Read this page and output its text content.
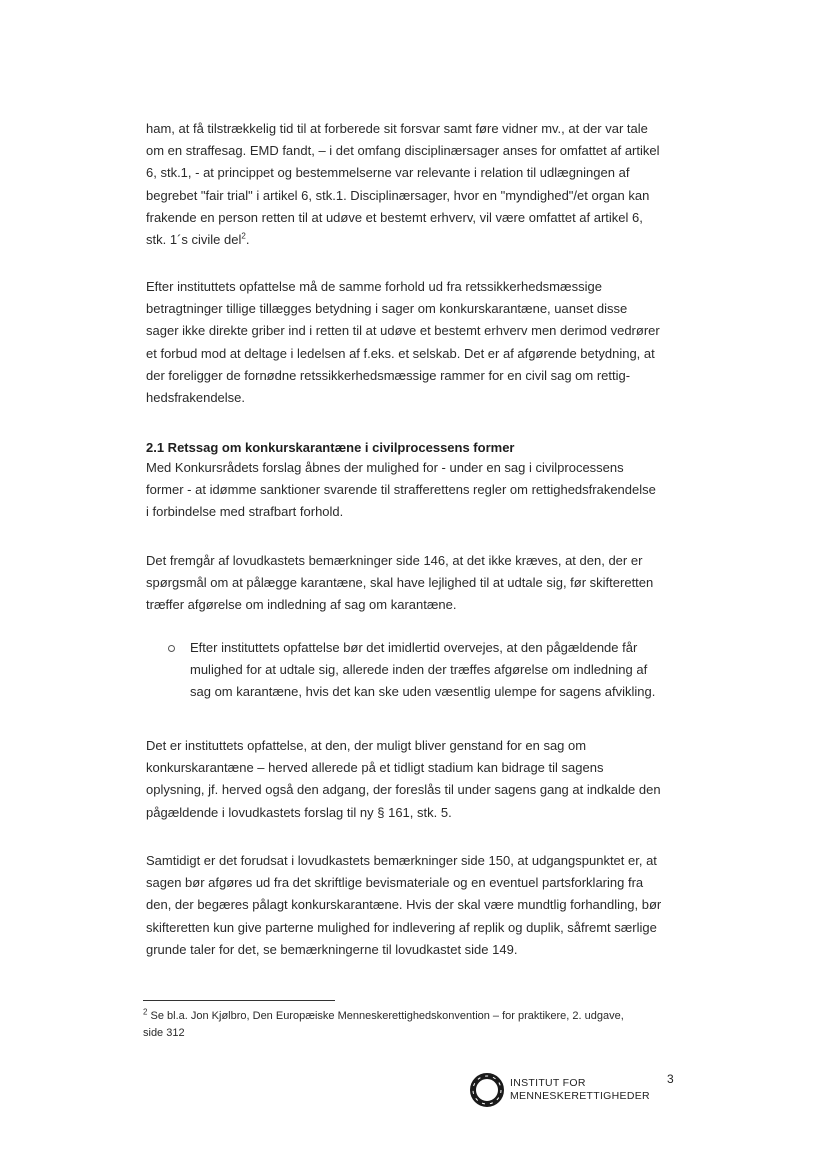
ham, at få tilstrækkelig tid til at forberede sit forsvar samt føre vidner mv., at der var tale
om en straffesag. EMD fandt, – i det omfang disciplinærsager anses for omfattet af artikel
6, stk.1, - at princippet og bestemmelserne var relevante i relation til udlægningen af
begrebet "fair trial" i artikel 6, stk.1. Disciplinærsager, hvor en "myndighed"/et organ kan
frakende en person retten til at udøve et bestemt erhverv, vil være omfattet af artikel 6,
stk. 1´s civile del$^2$.
Efter instituttets opfattelse må de samme forhold ud fra retssikkerhedsmæssige
betragtninger tillige tillægges betydning i sager om konkurskarantæne, uanset disse
sager ikke direkte griber ind i retten til at udøve et bestemt erhverv men derimod vedrører
et forbud mod at deltage i ledelsen af f.eks. et selskab. Det er af afgørende betydning, at
der foreligger de fornødne retssikkerhedsmæssige rammer for en civil sag om rettig-
hedsfrakendelse.
2.1 Retssag om konkurskarantæne i civilprocessens former
Med Konkursrådets forslag åbnes der mulighed for - under en sag i civilprocessens
former - at idømme sanktioner svarende til strafferettens regler om rettighedsfrakendelse
i forbindelse med strafbart forhold.
Det fremgår af lovudkastets bemærkninger side 146, at det ikke kræves, at den, der er
spørgsmål om at pålægge karantæne, skal have lejlighed til at udtale sig, før skifteretten
træffer afgørelse om indledning af sag om karantæne.

Efter instituttets opfattelse bør det imidlertid overvejes, at den pågældende får
mulighed for at udtale sig, allerede inden der træffes afgørelse om indledning af
sag om karantæne, hvis det kan ske uden væsentlig ulempe for sagens afvikling.

Det er instituttets opfattelse, at den, der muligt bliver genstand for en sag om
konkurskarantæne – herved allerede på et tidligt stadium kan bidrage til sagens
oplysning, jf. herved også den adgang, der foreslås til under sagens gang at indkalde den
pågældende i lovudkastets forslag til ny § 161, stk. 5.
Samtidigt er det forudsat i lovudkastets bemærkninger side 150, at udgangspunktet er, at
sagen bør afgøres ud fra det skriftlige bevismateriale og en eventuel partsforklaring fra
den, der begæres pålagt konkurskarantæne. Hvis der skal være mundtlig forhandling, bør
skifteretten kun give parterne mulighed for indlevering af replik og duplik, såfremt særlige
grunde taler for det, se bemærkningerne til lovudkastet side 149.

$^2$ Se bl.a. Jon Kjølbro, Den Europæiske Menneskerettighedskonvention – for praktikere, 2. udgave,
side 312

INSTITUT FOR
MENNESKERETTIGHEDER
3
